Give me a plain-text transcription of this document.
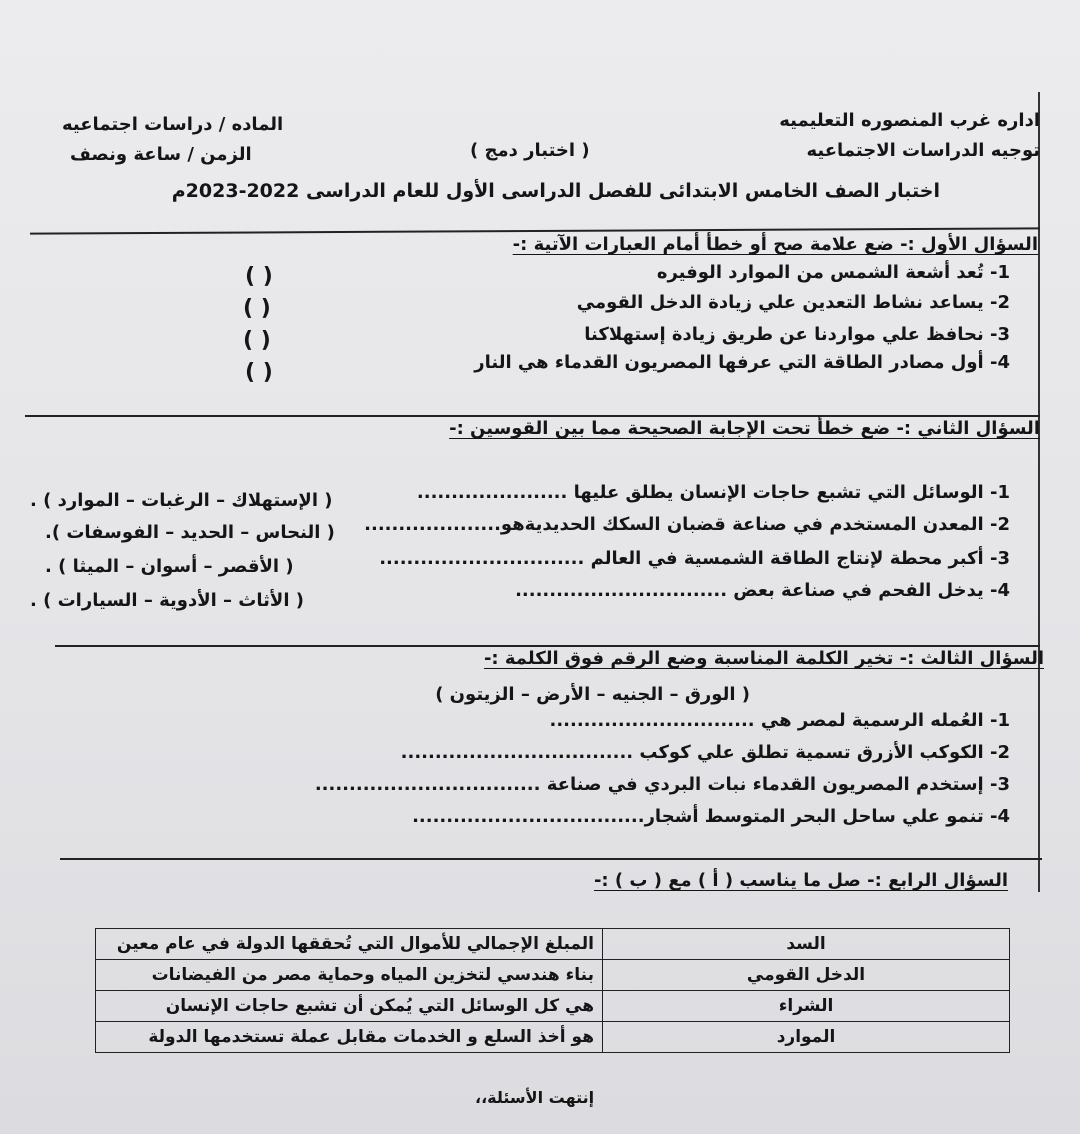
اداره غرب المنصوره التعليميه
توجيه الدراسات الاجتماعيه
الماده / دراسات اجتماعيه
الزمن / ساعة ونصف	( اختبار دمج )
اختبار الصف الخامس الابتدائى للفصل الدراسى الأول للعام الدراسى 2022-2023م
السؤال الأول :- ضع علامة صح أو خطأ أمام العبارات الآتية :-
1- تُعد أشعة الشمس من الموارد الوفيره
2- يساعد نشاط التعدين علي زيادة الدخل القومي
3- نحافظ علي مواردنا عن طريق زيادة إستهلاكنا
4- أول مصادر الطاقة التي عرفها المصريون القدماء هي النار
( )
( )
( )
( )
السؤال الثاني :- ضع خطأ تحت الإجابة الصحيحة مما بين القوسين :-
1- الوسائل التي تشبع حاجات الإنسان يطلق عليها ......................
2- المعدن المستخدم في صناعة قضبان السكك الحديديةهو....................
3- أكبر محطة لإنتاج الطاقة الشمسية في العالم ..............................
4- يدخل الفحم في صناعة بعض ...............................
( الإستهلاك – الرغبات – الموارد ) .
( النحاس – الحديد – الفوسفات ).
( الأقصر – أسوان – الميثا ) .
( الأثاث – الأدوية – السيارات ) .
السؤال الثالث :- تخير الكلمة المناسبة وضع الرقم فوق الكلمة :-
( الورق – الجنيه – الأرض – الزيتون )
1- العُمله الرسمية لمصر هي ..............................
2- الكوكب الأزرق تسمية تطلق علي كوكب ..................................
3- إستخدم المصريون القدماء نبات البردي في صناعة .................................
4- تنمو علي ساحل البحر المتوسط أشجار..................................
السؤال الرابع :- صل ما يناسب ( أ ) مع ( ب ) :-
السد	المبلغ الإجمالي للأموال التي تُحققها الدولة في عام معين
الدخل القومي	بناء هندسي لتخزين المياه وحماية مصر من الفيضانات
الشراء	هي كل الوسائل التي يُمكن أن تشبع حاجات الإنسان
الموارد	هو أخذ السلع و الخدمات مقابل عملة تستخدمها الدولة
إنتهت الأسئلة،،
